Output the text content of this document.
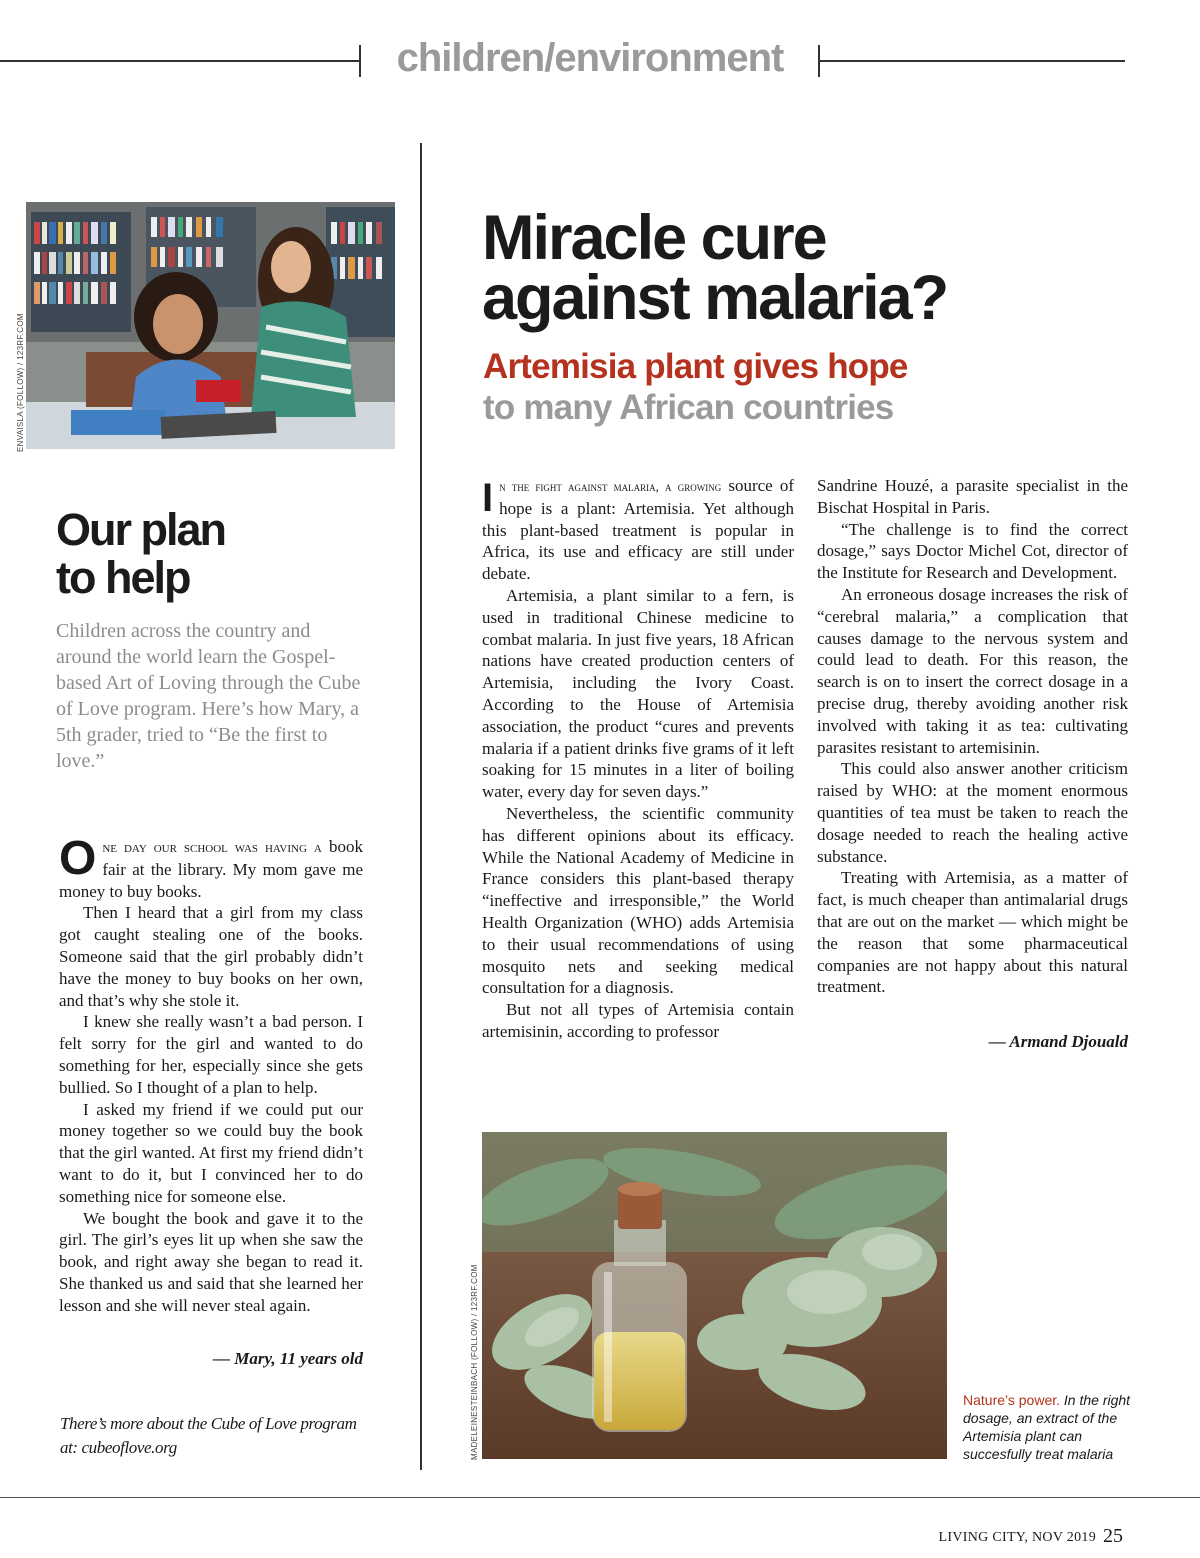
children/environment
ENVAISLA (FOLLOW) / 123RF.COM
Our plan
to help
Children across the country and around the world learn the Gospel-based Art of Loving through the Cube of Love program. Here’s how Mary, a 5th grader, tried to “Be the first to love.”

One day our school was having a book fair at the library. My mom gave me money to buy books.

Then I heard that a girl from my class got caught stealing one of the books. Someone said that the girl probably didn’t have the money to buy books on her own, and that’s why she stole it.

I knew she really wasn’t a bad person. I felt sorry for the girl and wanted to do something for her, especially since she gets bullied. So I thought of a plan to help.

I asked my friend if we could put our money together so we could buy the book that the girl wanted. At first my friend didn’t want to do it, but I convinced her to do something nice for someone else.

We bought the book and gave it to the girl. The girl’s eyes lit up when she saw the book, and right away she began to read it. She thanked us and said that she learned her lesson and she will never steal again.

— Mary, 11 years old
There’s more about the Cube of Love program at: cubeoflove.org
Miracle cure
against malaria?
Artemisia plant gives hope
to many African countries

In the fight against malaria, a growing source of hope is a plant: Artemisia. Yet although this plant-based treatment is popular in Africa, its use and efficacy are still under debate.

Artemisia, a plant similar to a fern, is used in traditional Chinese medicine to combat malaria. In just five years, 18 African nations have created production centers of Artemisia, including the Ivory Coast. According to the House of Artemisia association, the product “cures and prevents malaria if a patient drinks five grams of it left soaking for 15 minutes in a liter of boiling water, every day for seven days.”

Nevertheless, the scientific community has different opinions about its efficacy. While the National Academy of Medicine in France considers this plant-based therapy “ineffective and irresponsible,” the World Health Organization (WHO) adds Artemisia to their usual recommendations of using mosquito nets and seeking medical consultation for a diagnosis.

But not all types of Artemisia contain artemisinin, according to professor

Sandrine Houzé, a parasite specialist in the Bischat Hospital in Paris.

“The challenge is to find the correct dosage,” says Doctor Michel Cot, director of the Institute for Research and Development.

An erroneous dosage increases the risk of “cerebral malaria,” a complication that causes damage to the nervous system and could lead to death. For this reason, the search is on to insert the correct dosage in a precise drug, thereby avoiding another risk involved with taking it as tea: cultivating parasites resistant to artemisinin.

This could also answer another criticism raised by WHO: at the moment enormous quantities of tea must be taken to reach the dosage needed to reach the healing active substance.

Treating with Artemisia, as a matter of fact, is much cheaper than antimalarial drugs that are out on the market — which might be the reason that some pharmaceutical companies are not happy about this natural treatment.

— Armand Djouald
MADELEINESTEINBACH (FOLLOW) / 123RF.COM	Nature’s power. In the right dosage, an extract of the Artemisia plant can succesfully treat malaria
LIVING CITY, NOV 2019 25
